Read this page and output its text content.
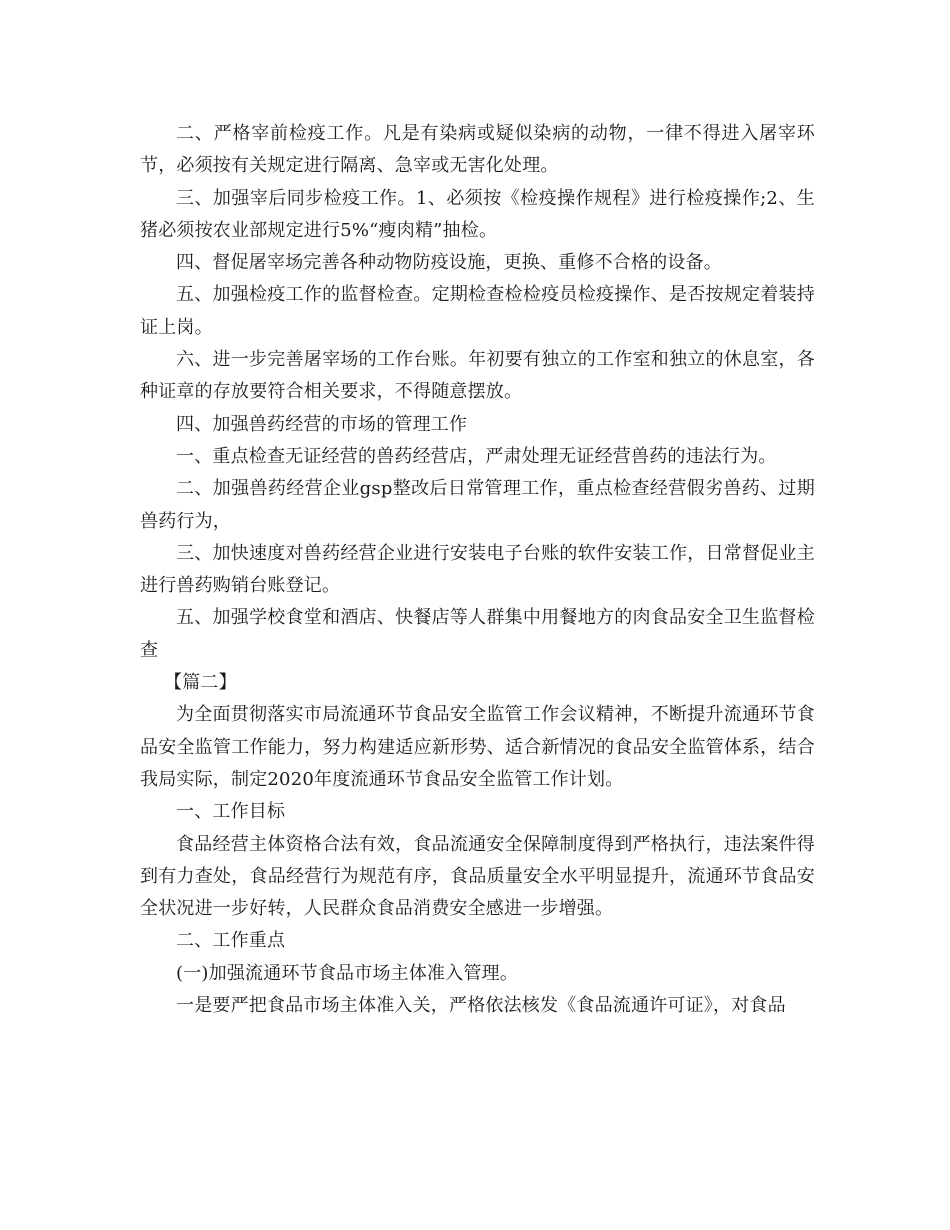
二、严格宰前检疫工作。凡是有染病或疑似染病的动物，一律不得进入屠宰环节，必须按有关规定进行隔离、急宰或无害化处理。

三、加强宰后同步检疫工作。1、必须按《检疫操作规程》进行检疫操作;2、生猪必须按农业部规定进行5%“瘦肉精”抽检。

四、督促屠宰场完善各种动物防疫设施，更换、重修不合格的设备。

五、加强检疫工作的监督检查。定期检查检检疫员检疫操作、是否按规定着装持证上岗。

六、进一步完善屠宰场的工作台账。年初要有独立的工作室和独立的休息室，各种证章的存放要符合相关要求，不得随意摆放。

四、加强兽药经营的市场的管理工作

一、重点检查无证经营的兽药经营店，严肃处理无证经营兽药的违法行为。

二、加强兽药经营企业gsp整改后日常管理工作，重点检查经营假劣兽药、过期兽药行为，

三、加快速度对兽药经营企业进行安装电子台账的软件安装工作，日常督促业主进行兽药购销台账登记。

五、加强学校食堂和酒店、快餐店等人群集中用餐地方的肉食品安全卫生监督检查

【篇二】

为全面贯彻落实市局流通环节食品安全监管工作会议精神，不断提升流通环节食品安全监管工作能力，努力构建适应新形势、适合新情况的食品安全监管体系，结合我局实际，制定2020年度流通环节食品安全监管工作计划。

一、工作目标

食品经营主体资格合法有效，食品流通安全保障制度得到严格执行，违法案件得到有力查处，食品经营行为规范有序，食品质量安全水平明显提升，流通环节食品安全状况进一步好转，人民群众食品消费安全感进一步增强。

二、工作重点

(一)加强流通环节食品市场主体准入管理。

一是要严把食品市场主体准入关，严格依法核发《食品流通许可证》，对食品
